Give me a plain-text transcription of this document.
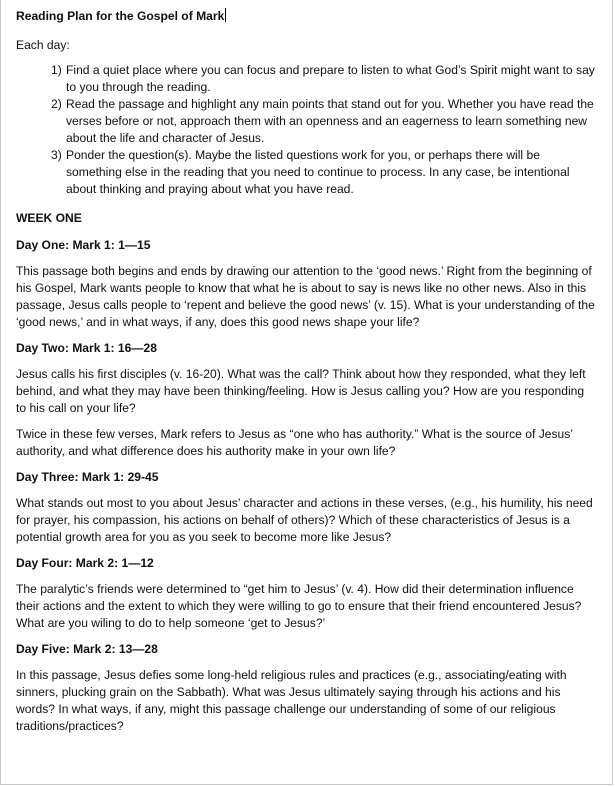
Reading Plan for the Gospel of Mark

Each day:

1) Find a quiet place where you can focus and prepare to listen to what God’s Spirit might want to say to you through the reading.
2) Read the passage and highlight any main points that stand out for you. Whether you have read the verses before or not, approach them with an openness and an eagerness to learn something new about the life and character of Jesus.
3) Ponder the question(s). Maybe the listed questions work for you, or perhaps there will be something else in the reading that you need to continue to process. In any case, be intentional about thinking and praying about what you have read.
WEEK ONE
Day One: Mark 1: 1—15

This passage both begins and ends by drawing our attention to the ‘good news.’ Right from the beginning of his Gospel, Mark wants people to know that what he is about to say is news like no other news. Also in this passage, Jesus calls people to ‘repent and believe the good news’ (v. 15). What is your understanding of the ‘good news,’ and in what ways, if any, does this good news shape your life?

Day Two: Mark 1: 16—28

Jesus calls his first disciples (v. 16-20). What was the call? Think about how they responded, what they left behind, and what they may have been thinking/feeling. How is Jesus calling you? How are you responding to his call on your life?

Twice in these few verses, Mark refers to Jesus as “one who has authority.” What is the source of Jesus’ authority, and what difference does his authority make in your own life?

Day Three: Mark 1: 29-45

What stands out most to you about Jesus’ character and actions in these verses, (e.g., his humility, his need for prayer, his compassion, his actions on behalf of others)? Which of these characteristics of Jesus is a potential growth area for you as you seek to become more like Jesus?

Day Four: Mark 2: 1—12

The paralytic’s friends were determined to “get him to Jesus’ (v. 4). How did their determination influence their actions and the extent to which they were willing to go to ensure that their friend encountered Jesus? What are you wiling to do to help someone ‘get to Jesus?’

Day Five: Mark 2: 13—28

In this passage, Jesus defies some long-held religious rules and practices (e.g., associating/eating with sinners, plucking grain on the Sabbath). What was Jesus ultimately saying through his actions and his words? In what ways, if any, might this passage challenge our understanding of some of our religious traditions/practices?
